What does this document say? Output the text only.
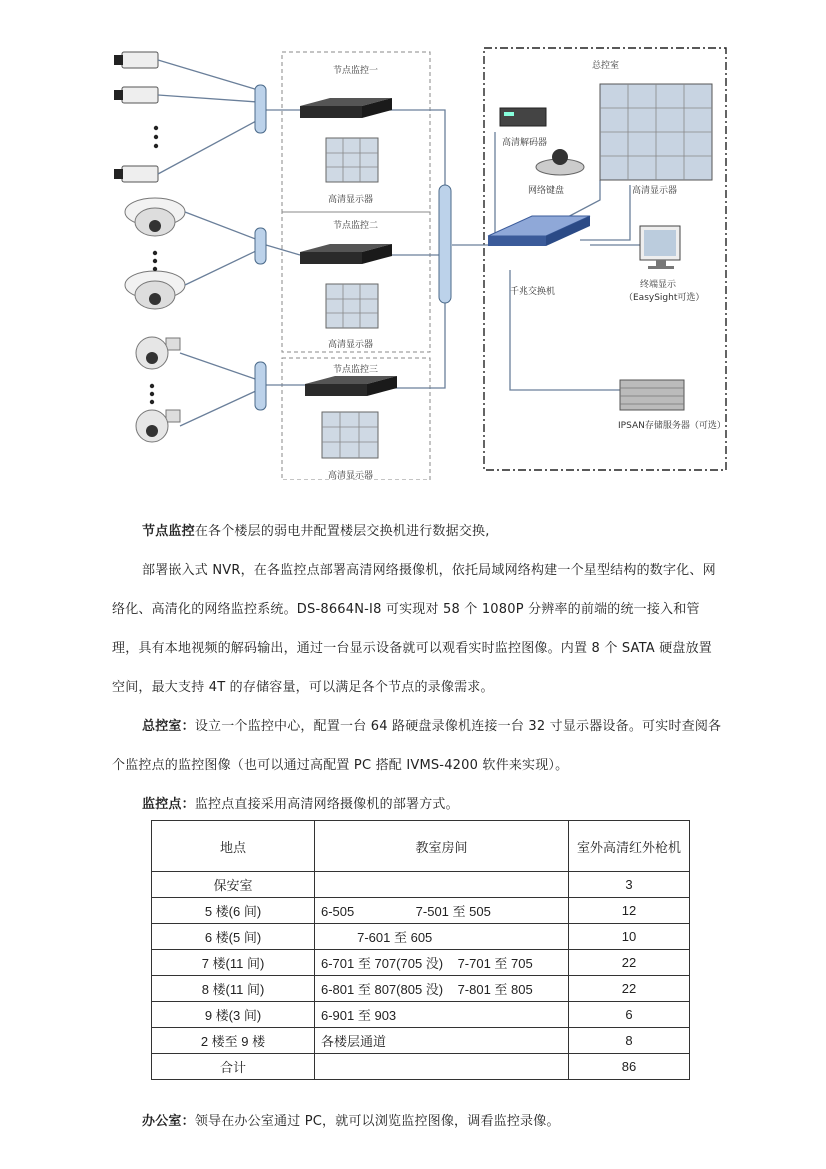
节点监控一
高清显示器
节点监控二
高清显示器
节点监控三
高清显示器
总控室
高清解码器
网络键盘	高清显示器
千兆交换机
终端显示
（EasySight可选）
IPSAN存储服务器（可选）
节点监控在各个楼层的弱电井配置楼层交换机进行数据交换,
部署嵌入式 NVR，在各监控点部署高清网络摄像机，依托局域网络构建一个星型结构的数字化、网络化、高清化的网络监控系统。DS-8664N-I8 可实现对 58 个 1080P 分辨率的前端的统一接入和管理，具有本地视频的解码输出，通过一台显示设备就可以观看实时监控图像。内置 8 个 SATA 硬盘放置空间，最大支持 4T 的存储容量，可以满足各个节点的录像需求。
总控室：设立一个监控中心，配置一台 64 路硬盘录像机连接一台 32 寸显示器设备。可实时查阅各个监控点的监控图像（也可以通过高配置 PC 搭配 IVMS-4200 软件来实现）。
监控点：监控点直接采用高清网络摄像机的部署方式。
地点	教室房间	室外高清红外枪机
保安室		3
5 楼(6 间)	6-505                 7-501 至 505	12
6 楼(5 间)	7-601 至 605	10
7 楼(11 间)	6-701 至 707(705 没)    7-701 至 705	22
8 楼(11 间)	6-801 至 807(805 没)    7-801 至 805	22
9 楼(3 间)	6-901 至 903	6
2 楼至 9 楼	各楼层通道	8
合计		86
办公室：领导在办公室通过 PC，就可以浏览监控图像，调看监控录像。
